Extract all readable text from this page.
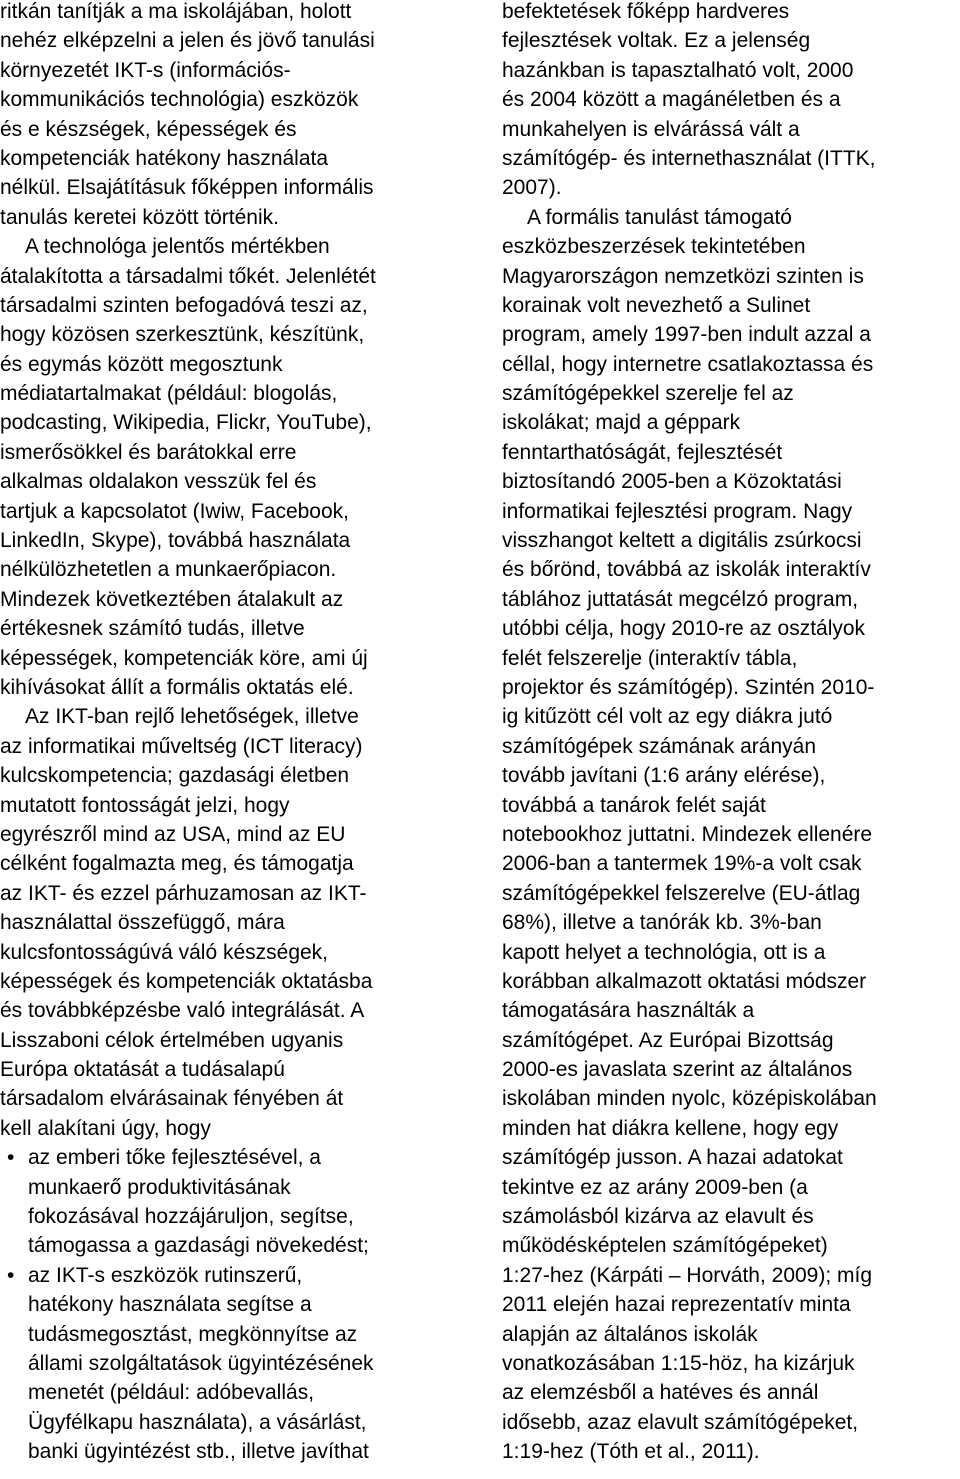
ritkán tanítják a ma iskolájában, holott
nehéz elképzelni a jelen és jövő tanulási
környezetét IKT-s (információs-
kommunikációs technológia) eszközök
és e készségek, képességek és
kompetenciák hatékony használata
nélkül. Elsajátításuk főképpen informális
tanulás keretei között történik.
A technológa jelentős mértékben
átalakította a társadalmi tőkét. Jelenlétét
társadalmi szinten befogadóvá teszi az,
hogy közösen szerkesztünk, készítünk,
és egymás között megosztunk
médiatartalmakat (például: blogolás,
podcasting, Wikipedia, Flickr, YouTube),
ismerősökkel és barátokkal erre
alkalmas oldalakon vesszük fel és
tartjuk a kapcsolatot (Iwiw, Facebook,
LinkedIn, Skype), továbbá használata
nélkülözhetetlen a munkaerőpiacon.
Mindezek következtében átalakult az
értékesnek számító tudás, illetve
képességek, kompetenciák köre, ami új
kihívásokat állít a formális oktatás elé.
Az IKT-ban rejlő lehetőségek, illetve
az informatikai műveltség (ICT literacy)
kulcskompetencia; gazdasági életben
mutatott fontosságát jelzi, hogy
egyrészről mind az USA, mind az EU
célként fogalmazta meg, és támogatja
az IKT- és ezzel párhuzamosan az IKT-
használattal összefüggő, mára
kulcsfontosságúvá váló készségek,
képességek és kompetenciák oktatásba
és továbbképzésbe való integrálását. A
Lisszaboni célok értelmében ugyanis
Európa oktatását a tudásalapú
társadalom elvárásainak fényében át
kell alakítani úgy, hogy
• az emberi tőke fejlesztésével, a
munkaerő produktivitásának
fokozásával hozzájáruljon, segítse,
támogassa a gazdasági növekedést;
• az IKT-s eszközök rutinszerű,
hatékony használata segítse a
tudásmegosztást, megkönnyítse az
állami szolgáltatások ügyintézésének
menetét (például: adóbevallás,
Ügyfélkapu használata), a vásárlást,
banki ügyintézést stb., illetve javíthat
befektetések főképp hardveres
fejlesztések voltak. Ez a jelenség
hazánkban is tapasztalható volt, 2000
és 2004 között a magánéletben és a
munkahelyen is elvárássá vált a
számítógép- és internethasználat (ITTK,
2007).
A formális tanulást támogató
eszközbeszerzések tekintetében
Magyarországon nemzetközi szinten is
korainak volt nevezhető a Sulinet
program, amely 1997-ben indult azzal a
céllal, hogy internetre csatlakoztassa és
számítógépekkel szerelje fel az
iskolákat; majd a géppark
fenntarthatóságát, fejlesztését
biztosítandó 2005-ben a Közoktatási
informatikai fejlesztési program. Nagy
visszhangot keltett a digitális zsúrkocsi
és bőrönd, továbbá az iskolák interaktív
táblához juttatását megcélzó program,
utóbbi célja, hogy 2010-re az osztályok
felét felszerelje (interaktív tábla,
projektor és számítógép). Szintén 2010-
ig kitűzött cél volt az egy diákra jutó
számítógépek számának arányán
tovább javítani (1:6 arány elérése),
továbbá a tanárok felét saját
notebookhoz juttatni. Mindezek ellenére
2006-ban a tantermek 19%-a volt csak
számítógépekkel felszerelve (EU-átlag
68%), illetve a tanórák kb. 3%-ban
kapott helyet a technológia, ott is a
korábban alkalmazott oktatási módszer
támogatására használták a
számítógépet. Az Európai Bizottság
2000-es javaslata szerint az általános
iskolában minden nyolc, középiskolában
minden hat diákra kellene, hogy egy
számítógép jusson. A hazai adatokat
tekintve ez az arány 2009-ben (a
számolásból kizárva az elavult és
működésképtelen számítógépeket)
1:27-hez (Kárpáti – Horváth, 2009); míg
2011 elején hazai reprezentatív minta
alapján az általános iskolák
vonatkozásában 1:15-höz, ha kizárjuk
az elemzésből a hatéves és annál
idősebb, azaz elavult számítógépeket,
1:19-hez (Tóth et al., 2011).
